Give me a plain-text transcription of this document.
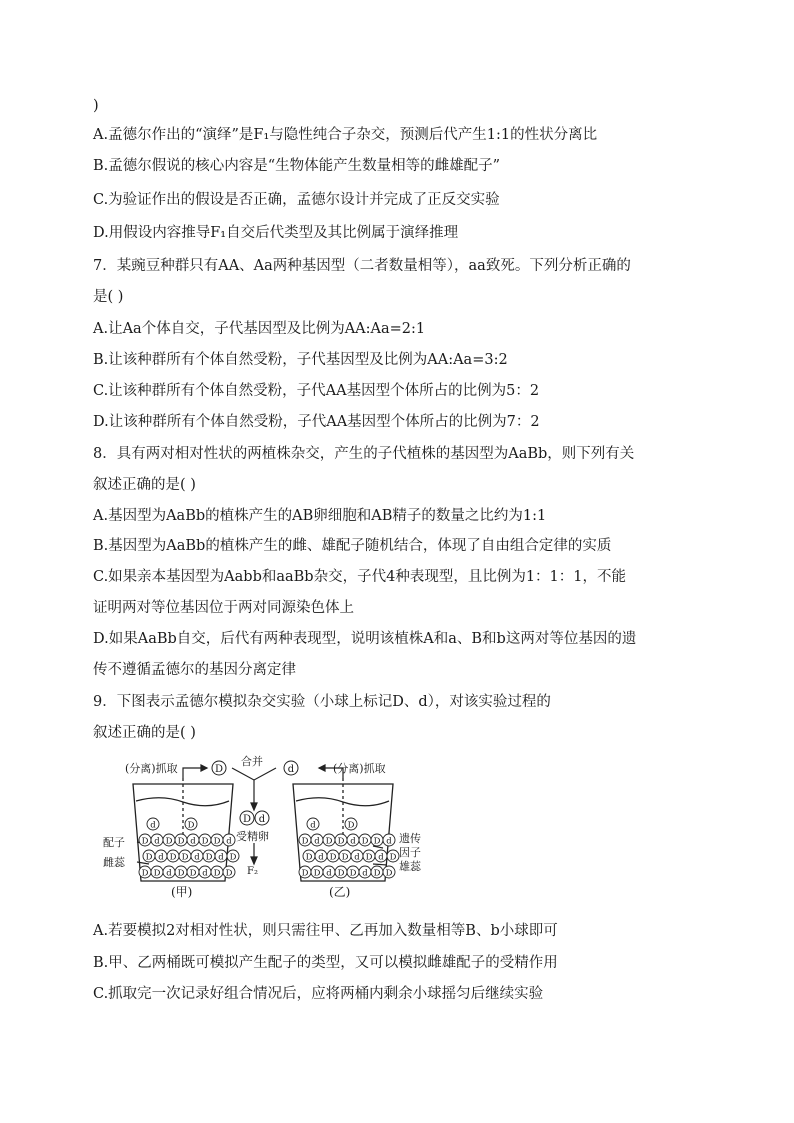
)
A.孟德尔作出的“演绎”是F₁与隐性纯合子杂交，预测后代产生1:1的性状分离比
B.孟德尔假说的核心内容是“生物体能产生数量相等的雌雄配子”
C.为验证作出的假设是否正确，孟德尔设计并完成了正反交实验
D.用假设内容推导F₁自交后代类型及其比例属于演绎推理
7．某豌豆种群只有AA、Aa两种基因型（二者数量相等），aa致死。下列分析正确的
是( )
A.让Aa个体自交，子代基因型及比例为AA:Aa=2:1
B.让该种群所有个体自然受粉，子代基因型及比例为AA:Aa=3:2
C.让该种群所有个体自然受粉，子代AA基因型个体所占的比例为5：2
D.让该种群所有个体自然受粉，子代AA基因型个体所占的比例为7：2
8．具有两对相对性状的两植株杂交，产生的子代植株的基因型为AaBb，则下列有关
叙述正确的是( )
A.基因型为AaBb的植株产生的AB卵细胞和AB精子的数量之比约为1:1
B.基因型为AaBb的植株产生的雌、雄配子随机结合，体现了自由组合定律的实质
C.如果亲本基因型为Aabb和aaBb杂交，子代4种表现型，且比例为1：1：1，不能
证明两对等位基因位于两对同源染色体上
D.如果AaBb自交，后代有两种表现型，说明该植株A和a、B和b这两对等位基因的遗
传不遵循孟德尔的基因分离定律
9．下图表示孟德尔模拟杂交实验（小球上标记D、d），对该实验过程的
叙述正确的是( )
D	d
D d
(分离)抓取	(分离)抓取
合并
受精卵
F₂
配子
雌蕊
遗传
因子
雄蕊
(甲)	(乙)
d	D
D d D D d D D d
D d D D d D d D
D D d D D d D D
d	D
D d D D d D D d
D d D D d D d D
D D d D D d D D
A.若要模拟2对相对性状，则只需往甲、乙再加入数量相等B、b小球即可
B.甲、乙两桶既可模拟产生配子的类型，又可以模拟雌雄配子的受精作用
C.抓取完一次记录好组合情况后，应将两桶内剩余小球摇匀后继续实验
